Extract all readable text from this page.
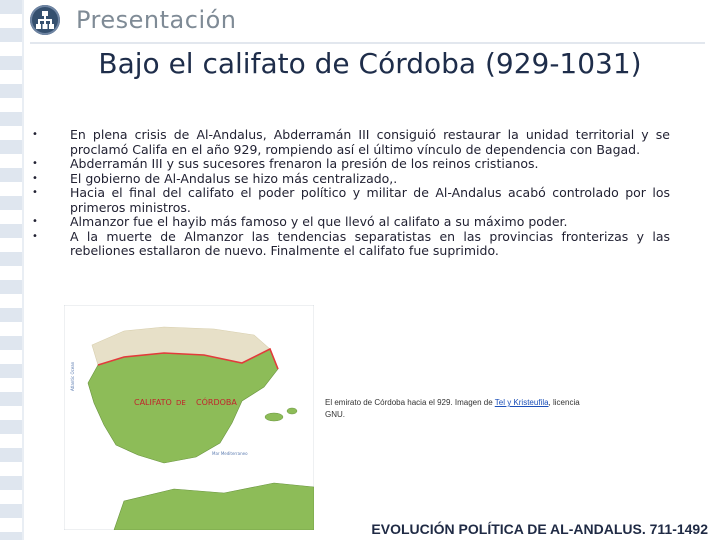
Presentación
Bajo el califato de Córdoba (929-1031)
•	En plena crisis de Al-Andalus, Abderramán III consiguió restaurar la unidad territorial y se proclamó Califa en el año 929, rompiendo así el último vínculo de dependencia con Bagad.
•	Abderramán III y sus sucesores frenaron la presión de los reinos cristianos.
•	El gobierno de Al-Andalus se hizo más centralizado,.
•	Hacia el final del califato el poder político y militar de Al-Andalus acabó controlado por los primeros ministros.
•	Almanzor fue el hayib más famoso y el que llevó al califato a su máximo poder.
•	A la muerte de Almanzor las tendencias separatistas en las provincias fronterizas y las rebeliones estallaron de nuevo. Finalmente el califato fue suprimido.
CALIFATO DE CÓRDOBA
Atlantic Ocean
Mar Mediterraneo
El emirato de Córdoba hacia el 929. Imagen de Tel y Kristeufila, licencia
GNU.
EVOLUCIÓN POLÍTICA DE AL-ANDALUS. 711-1492
